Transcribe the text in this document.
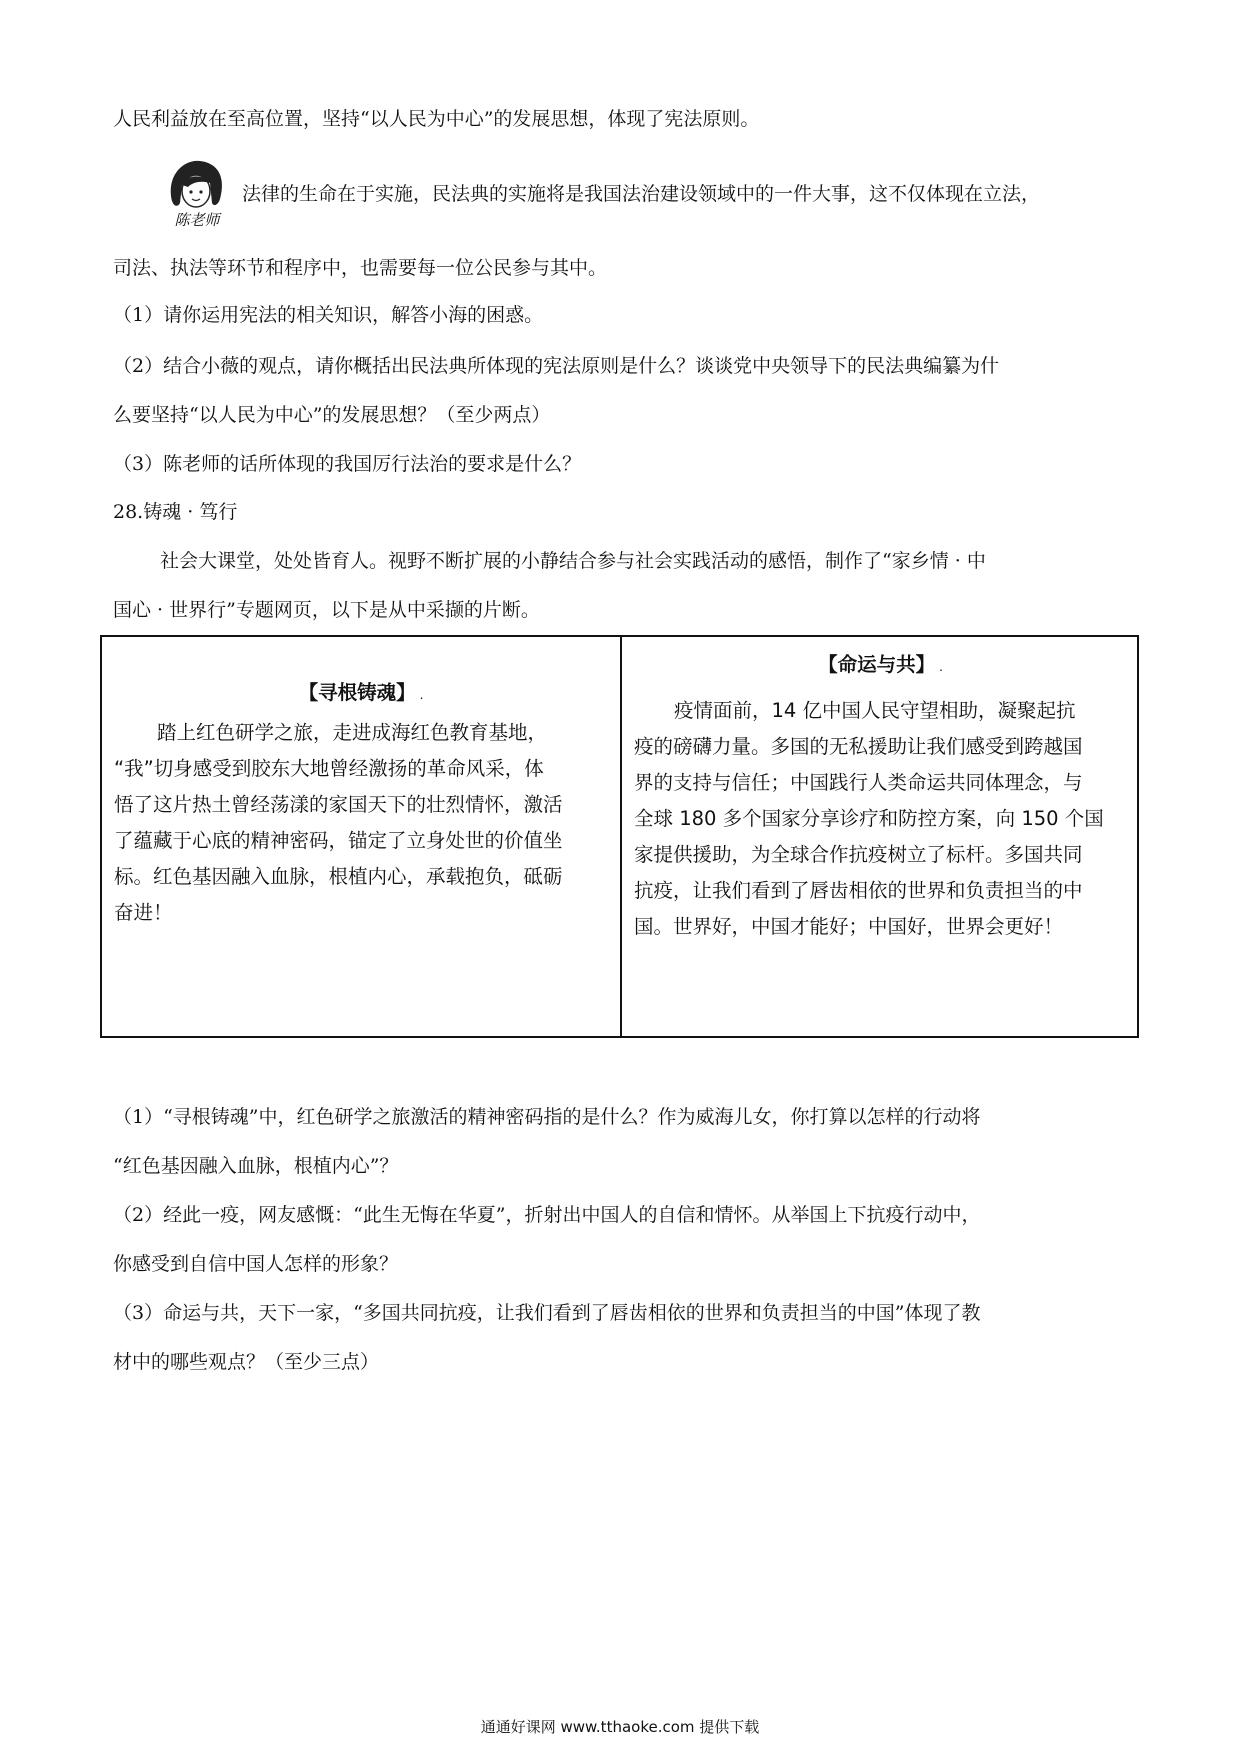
人民利益放在至高位置，坚持“以人民为中心”的发展思想，体现了宪法原则。
陈老师
法律的生命在于实施，民法典的实施将是我国法治建设领域中的一件大事，这不仅体现在立法，
司法、执法等环节和程序中，也需要每一位公民参与其中。
（1）请你运用宪法的相关知识，解答小海的困惑。
（2）结合小薇的观点，请你概括出民法典所体现的宪法原则是什么？谈谈党中央领导下的民法典编纂为什
么要坚持“以人民为中心”的发展思想？（至少两点）
（3）陈老师的话所体现的我国厉行法治的要求是什么？
28.铸魂 · 笃行
社会大课堂，处处皆育人。视野不断扩展的小静结合参与社会实践活动的感悟，制作了“家乡情 · 中
国心 · 世界行”专题网页，以下是从中采撷的片断。
【寻根铸魂】 .
踏上红色研学之旅，走进成海红色教育基地，
“我”切身感受到胶东大地曾经激扬的革命风采，体
悟了这片热土曾经荡漾的家国天下的壮烈情怀，激活
了蕴藏于心底的精神密码，锚定了立身处世的价值坐
标。红色基因融入血脉，根植内心，承载抱负，砥砺
奋进！
【命运与共】 .
疫情面前，14 亿中国人民守望相助，凝聚起抗
疫的磅礴力量。多国的无私援助让我们感受到跨越国
界的支持与信任；中国践行人类命运共同体理念，与
全球 180 多个国家分享诊疗和防控方案，向 150 个国
家提供援助，为全球合作抗疫树立了标杆。多国共同
抗疫，让我们看到了唇齿相依的世界和负责担当的中
国。世界好，中国才能好；中国好，世界会更好！
（1）“寻根铸魂”中，红色研学之旅激活的精神密码指的是什么？作为威海儿女，你打算以怎样的行动将
“红色基因融入血脉，根植内心”？
（2）经此一疫，网友感慨：“此生无悔在华夏”，折射出中国人的自信和情怀。从举国上下抗疫行动中，
你感受到自信中国人怎样的形象？
（3）命运与共，天下一家，“多国共同抗疫，让我们看到了唇齿相依的世界和负责担当的中国”体现了教
材中的哪些观点？（至少三点）
通通好课网 www.tthaoke.com 提供下载
